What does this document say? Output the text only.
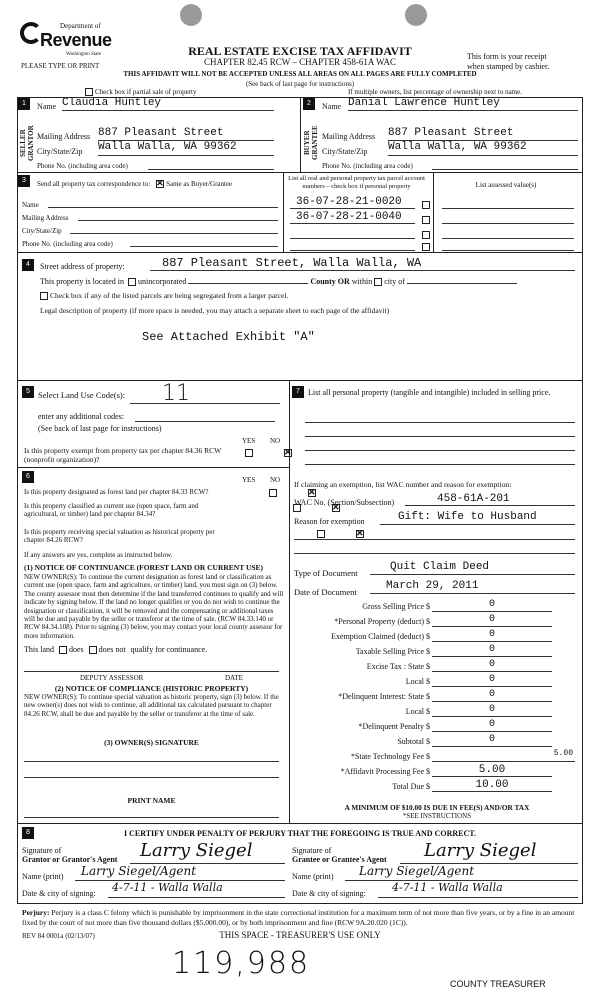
Department of
Revenue
Washington State
PLEASE TYPE OR PRINT
REAL ESTATE EXCISE TAX AFFIDAVIT
CHAPTER 82.45 RCW – CHAPTER 458-61A WAC
This form is your receipt
when stamped by cashier.
THIS AFFIDAVIT WILL NOT BE ACCEPTED UNLESS ALL AREAS ON ALL PAGES ARE FULLY COMPLETED
(See back of last page for instructions)
Check box if partial sale of property	If multiple owners, list percentage of ownership next to name.
1
SELLER GRANTOR
Name Claudia Huntley
Mailing Address 887 Pleasant Street
City/State/Zip Walla Walla, WA 99362
Phone No. (including area code)
2
BUYER GRANTEE
Name Danial Lawrence Huntley
Mailing Address 887 Pleasant Street
City/State/Zip Walla Walla, WA 99362
Phone No. (including area code)
3	Send all property tax correspondence to: ✕ Same as Buyer/Grantee
Name
Mailing Address
City/State/Zip
Phone No. (including area code)
List all real and personal property tax parcel account numbers – check box if personal property	List assessed value(s)
36-07-28-21-0020
36-07-28-21-0040
4	Street address of property:	887 Pleasant Street, Walla Walla, WA
This property is located in unincorporated	County OR within city of
Check box if any of the listed parcels are being segregated from a larger parcel.
Legal description of property (if more space is needed, you may attach a separate sheet to each page of the affidavit)
See Attached Exhibit "A"
5 Select Land Use Code(s):	11
enter any additional codes:
(See back of last page for instructions)
YES NO
Is this property exempt from property tax per chapter 84.36 RCW (nonprofit organization)?
✕
6	YES NO
Is this property designated as forest land per chapter 84.33 RCW?
✕
Is this property classified as current use (open space, farm and agricultural, or timber) land per chapter 84.34?
✕
Is this property receiving special valuation as historical property per chapter 84.26 RCW?
✕
If any answers are yes, complete as instructed below.
(1) NOTICE OF CONTINUANCE (FOREST LAND OR CURRENT USE)
NEW OWNER(S): To continue the current designation as forest land or classification as current use (open space, farm and agriculture, or timber) land, you must sign on (3) below. The county assessor must then determine if the land transferred continues to qualify and will indicate by signing below. If the land no longer qualifies or you do not wish to continue the designation or classification, it will be removed and the compensating or additional taxes will be due and payable by the seller or transferor at the time of sale. (RCW 84.33.140 or RCW 84.34.108). Prior to signing (3) below, you may contact your local county assessor for more information.
This land does does not qualify for continuance.
DEPUTY ASSESSOR	DATE
(2) NOTICE OF COMPLIANCE (HISTORIC PROPERTY)
NEW OWNER(S): To continue special valuation as historic property, sign (3) below. If the new owner(s) does not wish to continue, all additional tax calculated pursuant to chapter 84.26 RCW, shall be due and payable by the seller or transferor at the time of sale.
(3) OWNER(S) SIGNATURE
PRINT NAME
7	List all personal property (tangible and intangible) included in selling price.
If claiming an exemption, list WAC number and reason for exemption:
WAC No. (Section/Subsection)	458-61A-201
Reason for exemption	Gift: Wife to Husband
Type of Document	Quit Claim Deed
Date of Document	March 29, 2011
Gross Selling Price $	0
*Personal Property (deduct) $	0
Exemption Claimed (deduct) $	0
Taxable Selling Price $	0
Excise Tax : State $	0
Local $	0
*Delinquent Interest: State $	0
Local $	0
*Delinquent Penalty $	0
Subtotal $	0
*State Technology Fee $	5.00
*Affidavit Processing Fee $	5.00
Total Due $	10.00
A MINIMUM OF $10.00 IS DUE IN FEE(S) AND/OR TAX
*SEE INSTRUCTIONS
8	I CERTIFY UNDER PENALTY OF PERJURY THAT THE FOREGOING IS TRUE AND CORRECT.
Signature of
Grantor or Grantor's Agent	Larry Siegel
Name (print)	Larry Siegel/Agent
Date & city of signing:	4-7-11 - Walla Walla
Signature of
Grantee or Grantee's Agent	Larry Siegel
Name (print)	Larry Siegel/Agent
Date & city of signing:	4-7-11 - Walla Walla
Perjury: Perjury is a class C felony which is punishable by imprisonment in the state correctional institution for a maximum term of not more than five years, or by a fine in an amount fixed by the court of not more than five thousand dollars ($5,000.00), or by both imprisonment and fine (RCW 9A.20.020 (1C)).
REV 84 0001a (02/13/07)	THIS SPACE - TREASURER'S USE ONLY
119,988
COUNTY TREASURER
